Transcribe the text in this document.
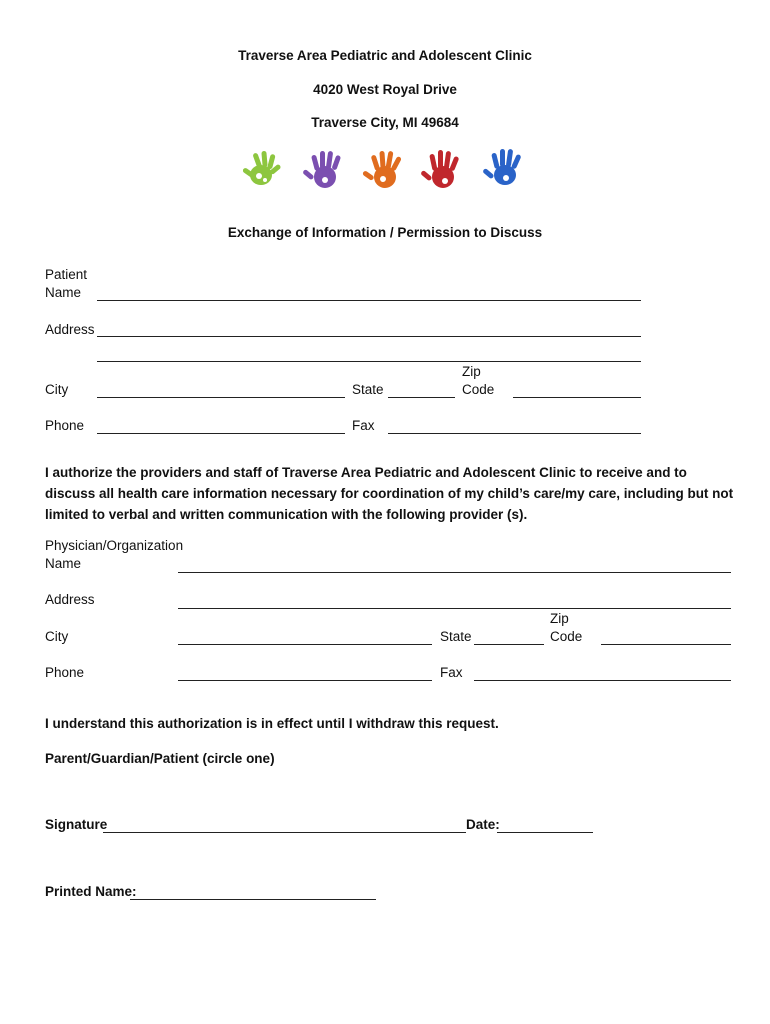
Traverse Area Pediatric and Adolescent Clinic
4020 West Royal Drive
Traverse City, MI 49684
Exchange of Information / Permission to Discuss
Patient
Name
Address
City	State
Zip
Code
Phone	Fax
I authorize the providers and staff of Traverse Area Pediatric and Adolescent Clinic to receive and to discuss all health care information necessary for coordination of my child’s care/my care, including but not limited to verbal and written communication with the following provider (s).
Physician/Organization
Name
Address
City	State
Zip
Code
Phone	Fax
I understand this authorization is in effect until I withdraw this request.
Parent/Guardian/Patient (circle one)
Signature	Date:
Printed Name:
